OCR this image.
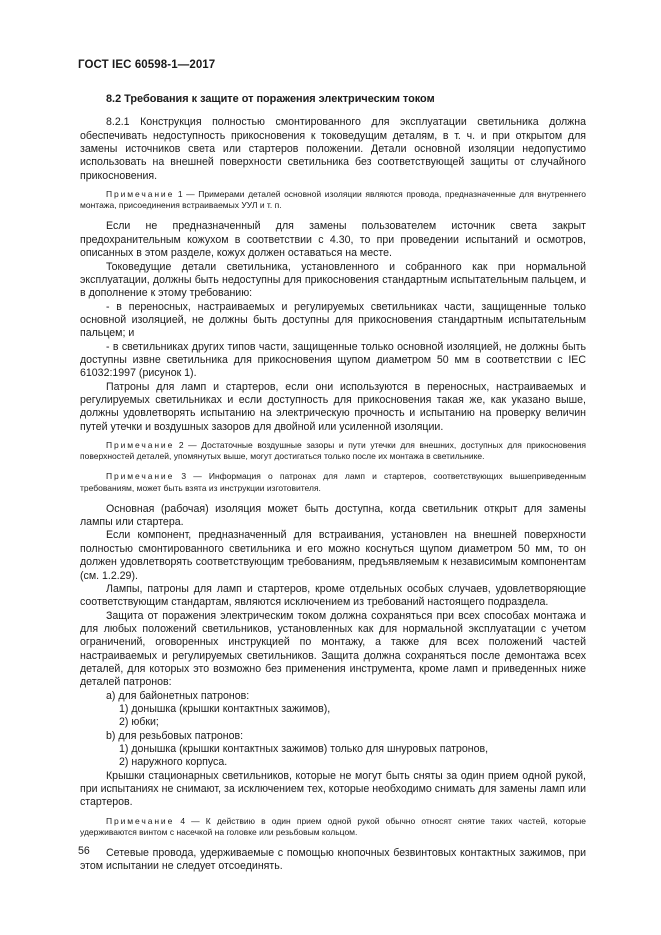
ГОСТ IEC 60598-1—2017
8.2 Требования к защите от поражения электрическим током

8.2.1 Конструкция полностью смонтированного для эксплуатации светильника должна обеспечивать недоступность прикосновения к токоведущим деталям, в т. ч. и при открытом для замены источников света или стартеров положении. Детали основной изоляции недопустимо использовать на внешней поверхности светильника без соответствующей защиты от случайного прикосновения.

Примечание 1 — Примерами деталей основной изоляции являются провода, предназначенные для внутреннего монтажа, присоединения встраиваемых УУЛ и т. п.

Если не предназначенный для замены пользователем источник света закрыт предохранительным кожухом в соответствии с 4.30, то при проведении испытаний и осмотров, описанных в этом разделе, кожух должен оставаться на месте.

Токоведущие детали светильника, установленного и собранного как при нормальной эксплуатации, должны быть недоступны для прикосновения стандартным испытательным пальцем, и в дополнение к этому требованию:

- в переносных, настраиваемых и регулируемых светильниках части, защищенные только основной изоляцией, не должны быть доступны для прикосновения стандартным испытательным пальцем; и

- в светильниках других типов части, защищенные только основной изоляцией, не должны быть доступны извне светильника для прикосновения щупом диаметром 50 мм в соответствии с IEC 61032:1997 (рисунок 1).

Патроны для ламп и стартеров, если они используются в переносных, настраиваемых и регулируемых светильниках и если доступность для прикосновения такая же, как указано выше, должны удовлетворять испытанию на электрическую прочность и испытанию на проверку величин путей утечки и воздушных зазоров для двойной или усиленной изоляции.

Примечание 2 — Достаточные воздушные зазоры и пути утечки для внешних, доступных для прикосновения поверхностей деталей, упомянутых выше, могут достигаться только после их монтажа в светильнике.

Примечание 3 — Информация о патронах для ламп и стартеров, соответствующих вышеприведенным требованиям, может быть взята из инструкции изготовителя.

Основная (рабочая) изоляция может быть доступна, когда светильник открыт для замены лампы или стартера.

Если компонент, предназначенный для встраивания, установлен на внешней поверхности полностью смонтированного светильника и его можно коснуться щупом диаметром 50 мм, то он должен удовлетворять соответствующим требованиям, предъявляемым к независимым компонентам (см. 1.2.29).

Лампы, патроны для ламп и стартеров, кроме отдельных особых случаев, удовлетворяющие соответствующим стандартам, являются исключением из требований настоящего подраздела.

Защита от поражения электрическим током должна сохраняться при всех способах монтажа и для любых положений светильников, установленных как для нормальной эксплуатации с учетом ограничений, оговоренных инструкцией по монтажу, а также для всех положений частей настраиваемых и регулируемых светильников. Защита должна сохраняться после демонтажа всех деталей, для которых это возможно без применения инструмента, кроме ламп и приведенных ниже деталей патронов:

а) для байонетных патронов:

1) донышка (крышки контактных зажимов),

2) юбки;

b) для резьбовых патронов:

1) донышка (крышки контактных зажимов) только для шнуровых патронов,

2) наружного корпуса.

Крышки стационарных светильников, которые не могут быть сняты за один прием одной рукой, при испытаниях не снимают, за исключением тех, которые необходимо снимать для замены ламп или стартеров.

Примечание 4 — К действию в один прием одной рукой обычно относят снятие таких частей, которые удерживаются винтом с насечкой на головке или резьбовым кольцом.

Сетевые провода, удерживаемые с помощью кнопочных безвинтовых контактных зажимов, при этом испытании не следует отсоединять.

56
